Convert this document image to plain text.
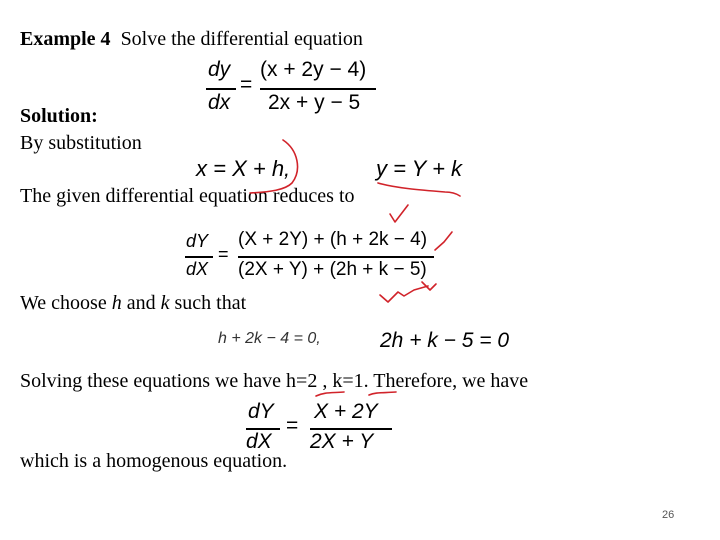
Example 4 Solve the differential equation
dy
dx
=
(x + 2y − 4)
2x + y − 5
Solution:
By substitution
x = X + h,	y = Y + k
The given differential equation reduces to
dY
dX
=
(X + 2Y) + (h + 2k − 4)
(2X + Y) + (2h + k − 5)
We choose h and k such that
h + 2k − 4 = 0,	2h + k − 5 = 0
Solving these equations we have h=2 , k=1. Therefore, we have
dY
dX
=
X + 2Y
2X + Y
which is a homogenous equation.
26
